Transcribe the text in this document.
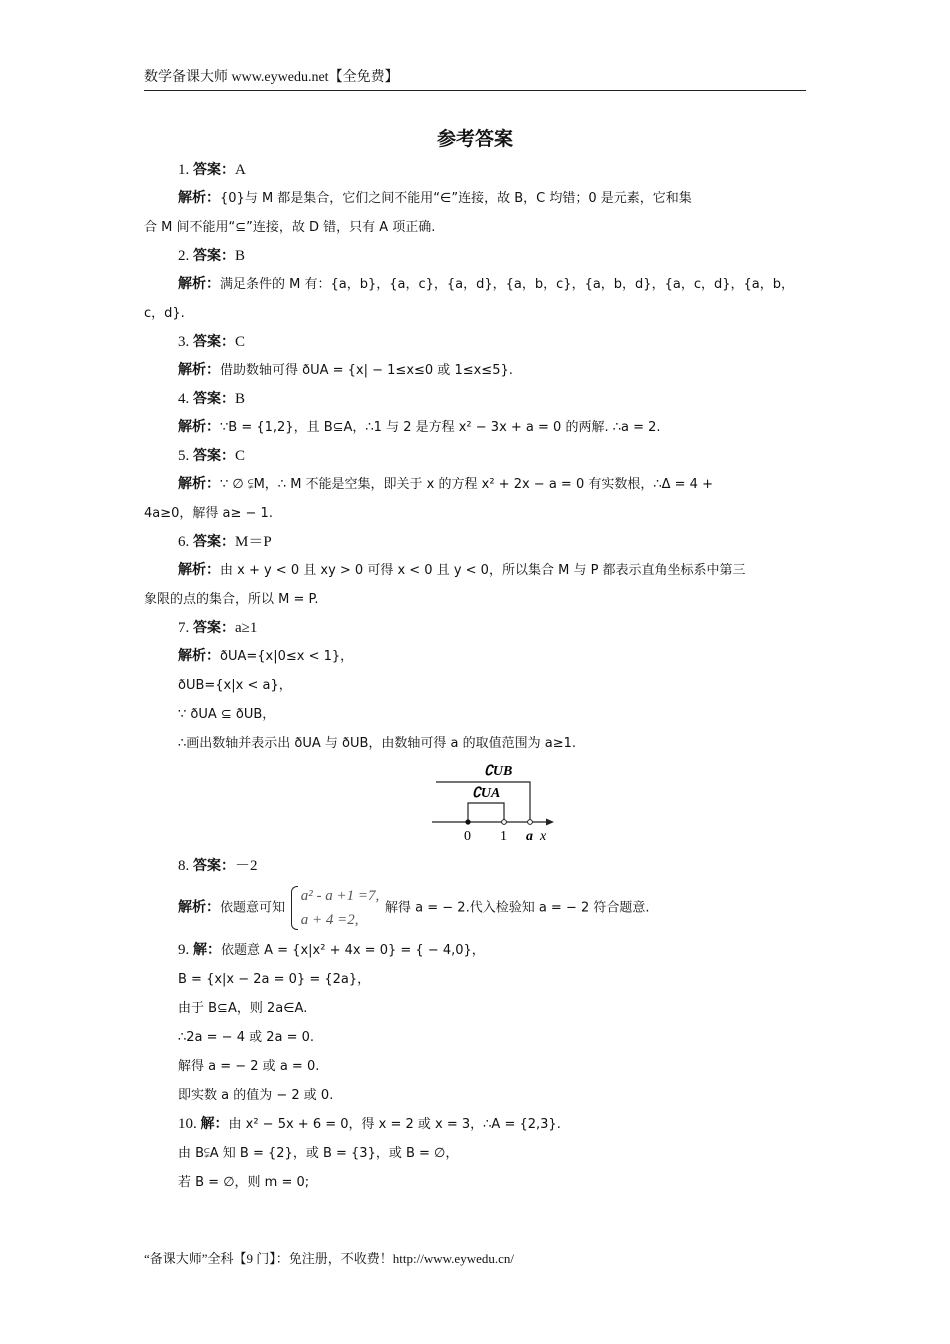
数学备课大师 www.eywedu.net【全免费】
参考答案

1. 答案：A

解析：{0}与 M 都是集合，它们之间不能用“∈”连接，故 B，C 均错；0 是元素，它和集

合 M 间不能用“⊆”连接，故 D 错，只有 A 项正确.

2. 答案：B

解析：满足条件的 M 有：{a，b}，{a，c}，{a，d}，{a，b，c}，{a，b，d}，{a，c，d}，{a，b，c，d}.

3. 答案：C

解析：借助数轴可得 ðUA = {x| − 1≤x≤0 或 1≤x≤5}.

4. 答案：B

解析：∵B = {1,2}，且 B⊆A，∴1 与 2 是方程 x² − 3x + a = 0 的两解. ∴a = 2.

5. 答案：C

解析：∵ ∅ ⫋M，∴ M 不能是空集，即关于 x 的方程 x² + 2x − a = 0 有实数根，∴Δ = 4 +

4a≥0，解得 a≥ − 1.

6. 答案：M＝P

解析：由 x + y < 0 且 xy > 0 可得 x < 0 且 y < 0，所以集合 M 与 P 都表示直角坐标系中第三

象限的点的集合，所以 M = P.

7. 答案：a≥1

解析：ðUA={x|0≤x < 1}，

ðUB={x|x < a}，

∵ ðUA ⊆ ðUB，

∴画出数轴并表示出 ðUA 与 ðUB，由数轴可得 a 的取值范围为 a≥1.

∁UB
∁UA
0 1 a x

8. 答案：－2

解析：依题意可知
a² - a +1 =7,
a + 4 =2,
解得 a = − 2.代入检验知 a = − 2 符合题意.

9. 解：依题意 A = {x|x² + 4x = 0} = { − 4,0}，

B = {x|x − 2a = 0} = {2a}，

由于 B⊆A，则 2a∈A.

∴2a = − 4 或 2a = 0.

解得 a = − 2 或 a = 0.

即实数 a 的值为 − 2 或 0.

10. 解：由 x² − 5x + 6 = 0，得 x = 2 或 x = 3，∴A = {2,3}.

由 B⫋A 知 B = {2}，或 B = {3}，或 B = ∅，

若 B = ∅，则 m = 0;

“备课大师”全科【9 门】：免注册，不收费！http://www.eywedu.cn/
